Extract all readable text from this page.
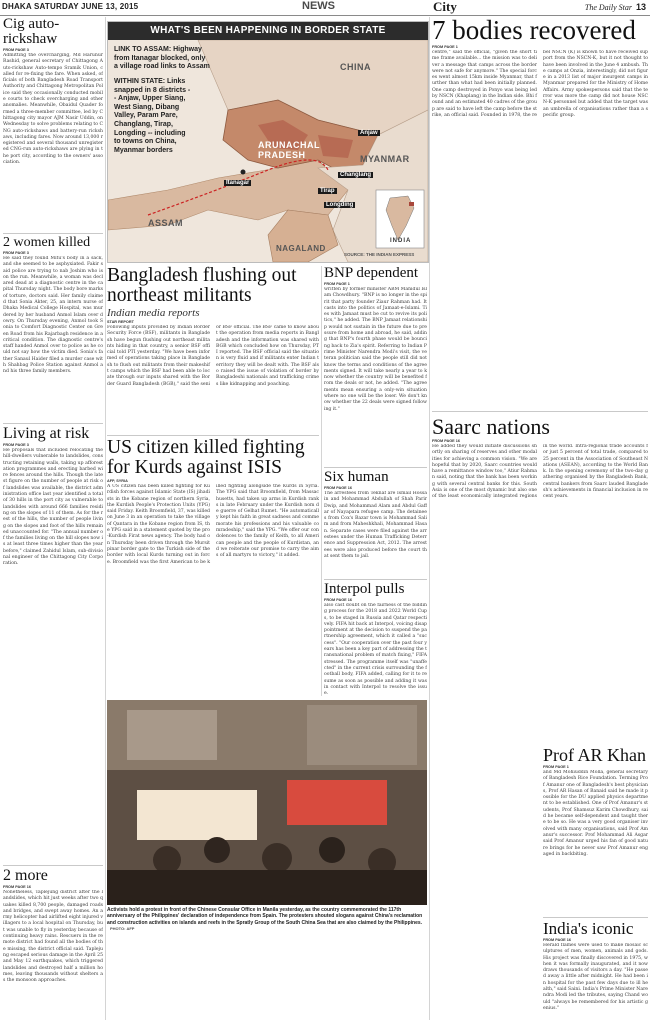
DHAKA SATURDAY JUNE 13, 2015	NEWS	City	The Daily Star 13
Cig auto-rickshaw
FROM PAGE 3
Admitting the overcharging, Md Harunur Rashid, general secretary of Chittagong Auto-rickshaw Auto-tempo Sramik Union, called for re-fixing the fare. When asked, officials of both Bangladesh Road Transport Authority and Chittagong Metropolitan Police said they occasionally conducted mobile courts to check overcharging and other anomalies. Meanwhile, Obaidul Quader formed a three-member committee, led by Chittagong city mayor AJM Nasir Uddin, on Wednesday to solve problems relating to CNG auto-rickshaws and battery-run rickshaws, including fares. Now around 13,000 registered and several thousand unregistered CNG-run auto-rickshaws are plying in the port city, according to the owners' association.
2 women killed
FROM PAGE 3
He said they found Mitu's body in a sack, and she seemed to be asphyxiated. Fakir said police are trying to nab Joshim who is on the run. Meanwhile, a woman was declared dead at a diagnostic centre in the capital Thursday night. The body bore marks of torture, doctors said. Her family claimed that Sonia Akter, 25, an intern nurse of Dhaka Medical College Hospital, was murdered by her husband Anmol Islam over dowry. On Thursday evening, Anmol took Sonia to Comfort Diagnostic Center on Green Road from his Rajarbagh residence in a critical condition. The diagnostic centre's staff handed Anmol over to police as he could not say how the victim died. Sonia's father Sanaul Haider filed a murder case with Shahbag Police Station against Anmol and his three family members.
Living at risk
FROM PAGE 3
He proposals that included relocating the hill-dwellers vulnerable to landslides, constructing retaining walls, taking up afforestation programmes and erecting barbed wire fences around the hills. Though the latest figure on the number of people at risk of landslides was available, the district administration office last year identified a total of 30 hills in the port city as vulnerable to landslides with around 666 families residing on the slopes of 11 of them. As for the rest of the hills, the number of people living on the slopes and foot of the hills remained unaccounted for. "The annual number of the families living on the hill slopes now is at least three times higher than the year before," claimed Zahidul Islam, sub-divisional engineer of the Chittagong City Corporation.
2 more
FROM PAGE 16
Nonetheless, Taplejung district after the landslides, which hit just weeks after two quakes killed 8,700 people, damaged roads and bridges, and swept away homes. An army helicopter had airlifted eight injured villagers to a local hospital on Thursday, but was unable to fly in yesterday because of continuing heavy rains. Rescuers in the remote district had found all the bodies of the missing, the district official said. Taplejung escaped serious damage in the April 25 and May 12 earthquakes, which triggered landslides and destroyed half a million homes, leaving thousands without shelters as the monsoon approaches.
WHAT'S BEEN HAPPENING IN BORDER STATE
LINK TO ASSAM: Highway from Itanagar blocked, only a village road links to Assam
WITHIN STATE: Links snapped in 8 districts -- Anjaw, Upper Siang, West Siang, Dibang Valley, Param Pare, Changlang, Tirap, Longding -- including to towns on China, Myanmar borders
CHINA
ARUNACHAL PRADESH	MYANMAR
ASSAM
NAGALAND
INDIA
Itanagar
Tirap
Longding
Changlang
Anjaw
SOURCE: THE INDIAN EXPRESS
Bangladesh flushing out northeast militants
Indian media reports
STAR REPORT
Following inputs provided by Indian Border Security Force (BSF), militants in Bangladesh have begun flushing out northeast militants hiding in that country, a senior BSF official told PTI yesterday. "We have been informed of operations taking place in Bangladesh to flush out militants from their makeshift camps which the BSF had been able to locate through our inputs shared with the Border Guard Bangladesh (BGB)," said the senior BSF official. The BSF came to know about the operation from media reports in Bangladesh and the information was shared with BGB which concluded how on Thursday, PTI reported. The BSF official said the situation is very fluid and if militants enter Indian territory they will be dealt with. The BSF also raised the issue of violation of border by Bangladeshi nationals and trafficking crimes like kidnapping and poaching.
US citizen killed fighting for Kurds against ISIS
AFP, SYRIA
A US citizen has been killed fighting for Kurdish forces against Islamic State (IS) jihadists in the Kobane region of northern Syria, the Kurdish People's Protection Units (YPG) said Friday. Keith Broomfield, 37, was killed on June 3 in an operation to take the village of Qantara in the Kobane region from IS, the YPG said in a statement quoted by the pro-Kurdish Firat news agency. The body had on Thursday been driven through the Mursitpinar border gate to the Turkish side of the border with local Kurds turning out in force. Broomfield was the first American to be killed fighting alongside the Kurds in Syria. The YPG said that Broomfield, from Massachusetts, had taken up arms in Kurdish ranks in late February under the Kurdish nom de guerre of Gelhat Rumet. "He automatically kept his faith in great sadness and commemorate his professions and his valuable comradeship," said the YPG. "We offer our condolences to the family of Keith, to all American people and the people of Kurdistan, and we reiterate our promise to carry the aims of all martyrs to victory," it added.
BNP dependent
FROM PAGE 1
written by former minister ABM Mahidul Islam Chowdhury. "BNP is no longer in the spirit that party founder Ziaur Rahman had. It casts into the politics of Jamaat-e-Islami. Ties with Jamaat must be cut to revive its politics," he added. The BNP Jamaat relationship would not sustain in the future due to pressure from home and abroad, he said, adding that BNP's fourth phase would be bouncing back to Zia's spirit. Referring to Indian Prime Minister Narendra Modi's visit, the veteran politician said the people still did not know the terms and conditions of the agreements signed. It will take nearly a year to know whether the country will be benefited from the deals or not, he added. "The agreements mean ensuring a only-win situation where no one will be the loser. We don't know whether the 22 deals were signed following it."
Six human
FROM PAGE 16
The arrestees from Teknaf are Ismail Hossain and Mohammad Abdullah of Shah Parir Dwip, and Mohammad Alam and Abdul Gaffar of Nayapara refugee camp. The detainees from Cox's Bazar town is Mohammad Salim and from Maheshkhali, Mohammad Hasan. Separate cases were filed against the arrestees under the Human Trafficking Deterrence and Suppression Act, 2012. The arrestees were also produced before the court that sent them to jail.
Interpol pulls
FROM PAGE 16
also cast doubt on the fairness of the bidding process for the 2018 and 2022 World Cups, to be staged in Russia and Qatar respectively. FIFA hit back at Interpol, voicing disappointment at the decision to suspend the partnership agreement, which it called a "success". "Our cooperation over the past four years has been a key part of addressing the transnational problem of match fixing," FIFA stressed. The programme itself was "unaffected" in the current crisis surrounding the football body, FIFA added, calling for it to resume as soon as possible and adding it was in contact with Interpol to resolve the issue.
Activists hold a protest in front of the Chinese Consular Office in Manila yesterday, as the country commemorated the 117th anniversary of the Philippines' declaration of independence from Spain. The protesters shouted slogans against China's reclamation and construction activities on islands and reefs in the Spratly Group of the South China Sea that are also claimed by the Philippines. PHOTO: AFP
7 bodies recovered
FROM PAGE 1
centre," said the official, "given the short time frame available... the mission was to deliver a message that camps across the border were not safe for anymore." The special forces went almost 15km inside Myanmar, that further than what had been initially planned. One camp destroyed in Ponyo was being led by NSCN (Khaplang) in the Indian side. Bhi found and an estimated 40 cadres of the group are said to have left the camp before the strike, an official said. Founded in 1978, the rebel NSCN (K) is known to have received support from the NSCN-K, but it not thought to have been involved in the June 4 ambush. The camps at Onzia, interestingly, did not figure in a 2013 list of major insurgent camps in Myanmar prepared for the Ministry of Home Affairs. Army spokespersons said that the terror was more the camp did not house NSCN-K personnel but added that the target was an umbrella of organisations rather than a specific group.
Saarc nations
FROM PAGE 16
He added they would initiate discussions shortly on sharing of reserves and other modalities for achieving a common vision. "We are hopeful that by 2020, Saarc countries would have a remittance window too," Atiur Rahman said, noting that the bank has been working with several central banks for this. South Asia is one of the most dynamic but also one of the least economically integrated regions in the world. Intra-regional trade accounts for just 5 percent of total trade, compared to 25 percent in the Association of Southeast Nations (ASEAN), according to the World Bank. In the opening ceremony of the two-day gathering organised by the Bangladesh Bank, central bankers from Saarc lauded Bangladesh's achievements in financial inclusion in recent years.
Prof AR Khan
FROM PAGE 1
and Md Mohiuddin Molla, general secretary of Bangladesh Rice Foundation. Terming Prof Amanur one of Bangladesh's best physicians, Prof AR Hasan of Banaid said he made it possible for the DU applied physics department to be established. One of Prof Amanur's students, Prof Shamsuz Karim Chowdhury, said he became self-dependent and taught there to be so. He was a very good organiser involved with many organisations, said Prof Amanur's successor. Prof Mohammad Ali Asgar said Prof Amanur urged his fan of good nature brings for he never saw Prof Amanur engaged in backbiting.
India's iconic
FROM PAGE 16
Herald flames were used to make mosaic sculptures of men, women, animals and gods. His project was finally discovered in 1975, when it was formally inaugurated, and it now draws thousands of visitors a day. "He passed away a little after midnight. He had been in hospital for the past few days due to ill health," said Saini. India's Prime Minister Narendra Modi led the tributes, saying Chand would "always be remembered for his artistic genius."
